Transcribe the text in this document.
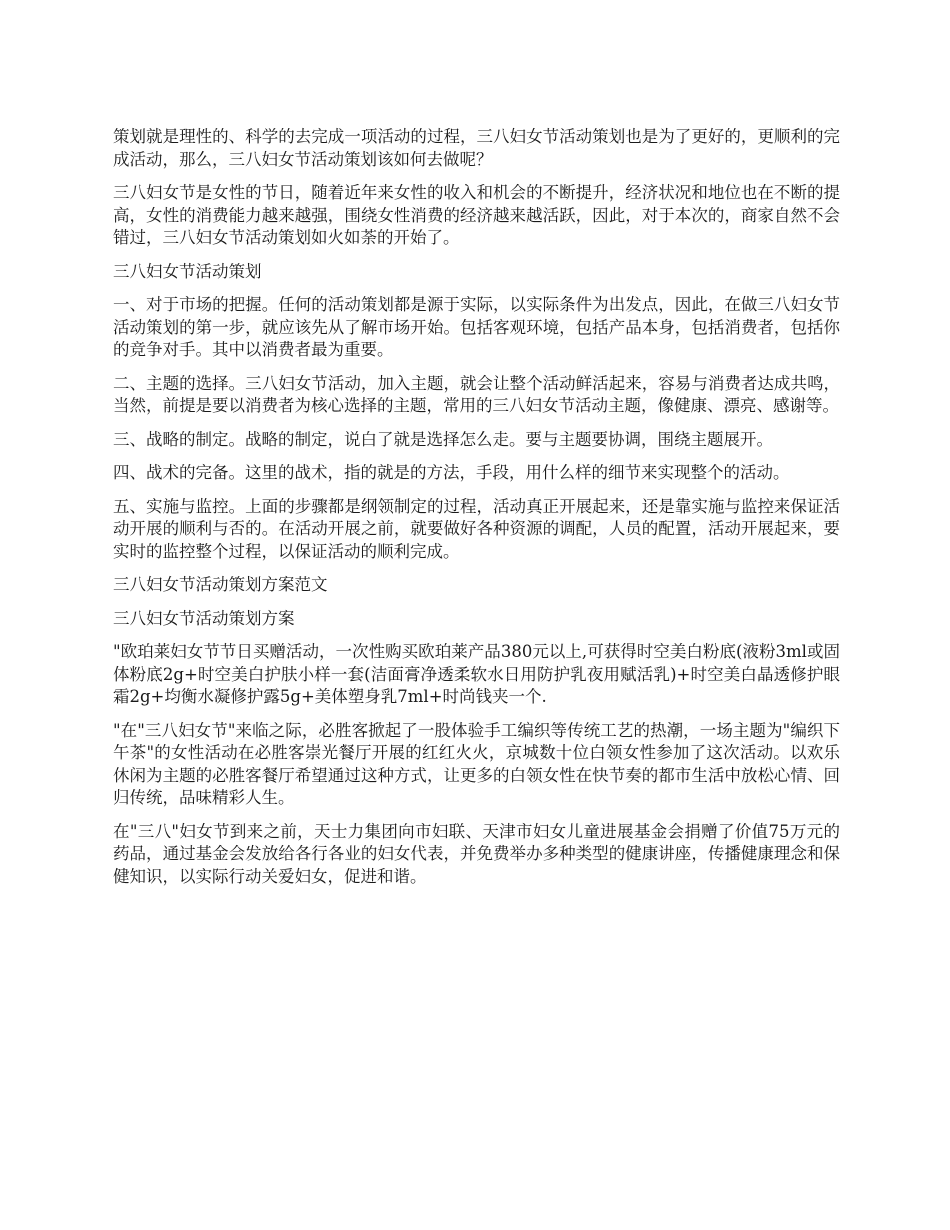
策划就是理性的、科学的去完成一项活动的过程，三八妇女节活动策划也是为了更好的，更顺利的完成活动，那么，三八妇女节活动策划该如何去做呢？

三八妇女节是女性的节日，随着近年来女性的收入和机会的不断提升，经济状况和地位也在不断的提高，女性的消费能力越来越强，围绕女性消费的经济越来越活跃，因此，对于本次的，商家自然不会错过，三八妇女节活动策划如火如荼的开始了。

三八妇女节活动策划

一、对于市场的把握。任何的活动策划都是源于实际，以实际条件为出发点，因此，在做三八妇女节活动策划的第一步，就应该先从了解市场开始。包括客观环境，包括产品本身，包括消费者，包括你的竞争对手。其中以消费者最为重要。

二、主题的选择。三八妇女节活动，加入主题，就会让整个活动鲜活起来，容易与消费者达成共鸣，当然，前提是要以消费者为核心选择的主题，常用的三八妇女节活动主题，像健康、漂亮、感谢等。

三、战略的制定。战略的制定，说白了就是选择怎么走。要与主题要协调，围绕主题展开。

四、战术的完备。这里的战术，指的就是的方法，手段，用什么样的细节来实现整个的活动。

五、实施与监控。上面的步骤都是纲领制定的过程，活动真正开展起来，还是靠实施与监控来保证活动开展的顺利与否的。在活动开展之前，就要做好各种资源的调配，人员的配置，活动开展起来，要实时的监控整个过程，以保证活动的顺利完成。

三八妇女节活动策划方案范文

三八妇女节活动策划方案

"欧珀莱妇女节节日买赠活动，一次性购买欧珀莱产品380元以上,可获得时空美白粉底(液粉3ml或固体粉底2g+时空美白护肤小样一套(洁面膏净透柔软水日用防护乳夜用赋活乳)+时空美白晶透修护眼霜2g+均衡水凝修护露5g+美体塑身乳7ml+时尚钱夹一个.

"在"三八妇女节"来临之际，必胜客掀起了一股体验手工编织等传统工艺的热潮，一场主题为"编织下午茶"的女性活动在必胜客崇光餐厅开展的红红火火，京城数十位白领女性参加了这次活动。以欢乐休闲为主题的必胜客餐厅希望通过这种方式，让更多的白领女性在快节奏的都市生活中放松心情、回归传统，品味精彩人生。

在"三八"妇女节到来之前，天士力集团向市妇联、天津市妇女儿童进展基金会捐赠了价值75万元的药品，通过基金会发放给各行各业的妇女代表，并免费举办多种类型的健康讲座，传播健康理念和保健知识，以实际行动关爱妇女，促进和谐。
